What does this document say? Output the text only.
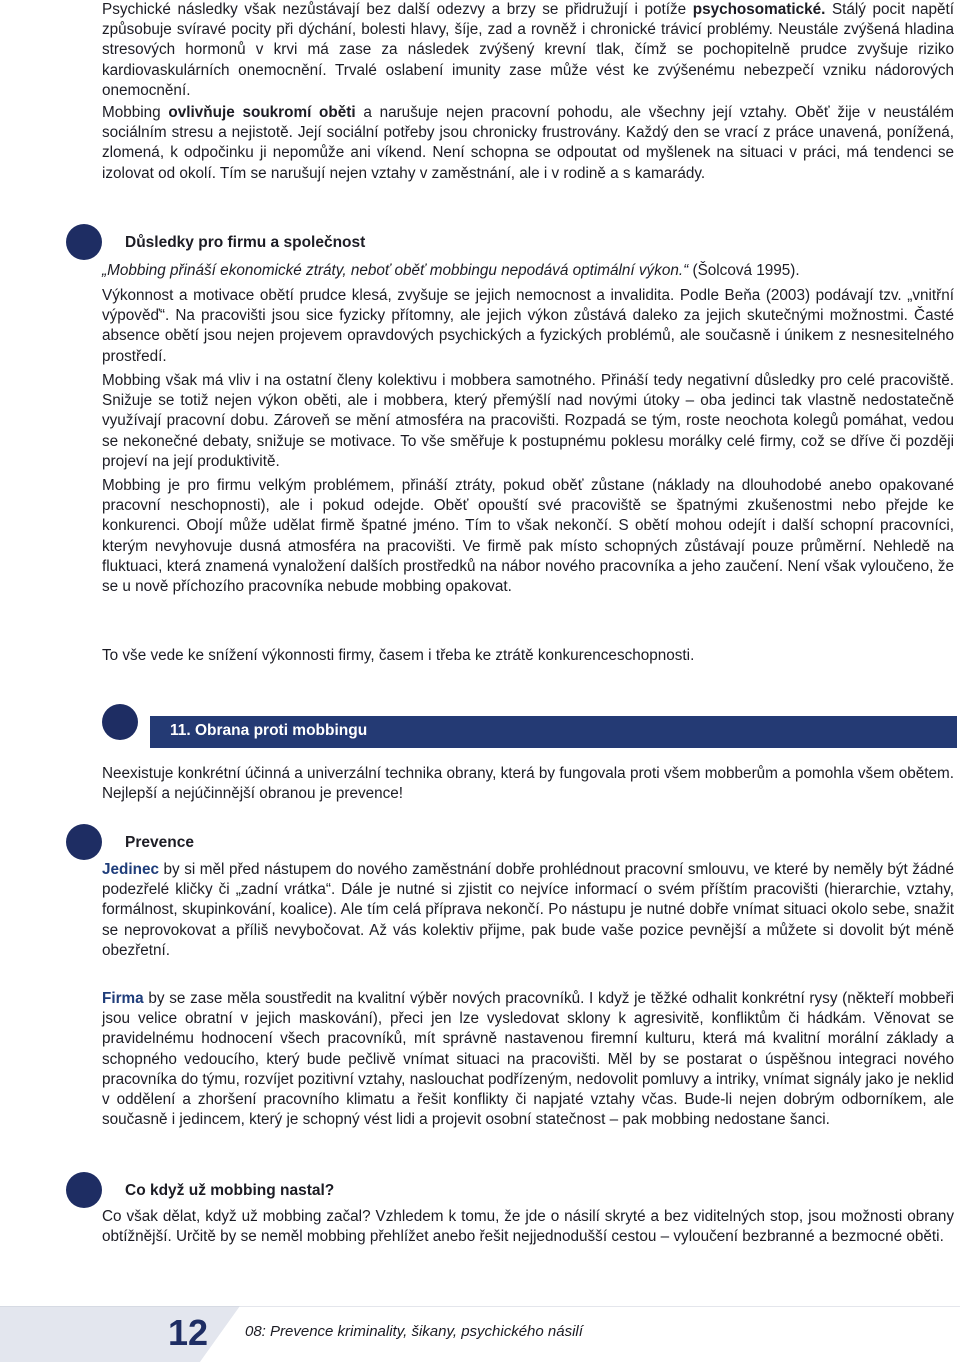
Psychické následky však nezůstávají bez další odezvy a brzy se přidružují i potíže psychosomatické. Stálý pocit napětí způsobuje svíravé pocity při dýchání, bolesti hlavy, šíje, zad a rovněž i chronické trávicí problémy. Neustále zvýšená hladina stresových hormonů v krvi má zase za následek zvýšený krevní tlak, čímž se pochopitelně prudce zvyšuje riziko kardiovaskulárních onemocnění. Trvalé oslabení imunity zase může vést ke zvýšenému nebezpečí vzniku nádorových onemocnění.

Mobbing ovlivňuje soukromí oběti a narušuje nejen pracovní pohodu, ale všechny její vztahy. Oběť žije v neustálém sociálním stresu a nejistotě. Její sociální potřeby jsou chronicky frustrovány. Každý den se vrací z práce unavená, ponížená, zlomená, k odpočinku ji nepomůže ani víkend. Není schopna se odpoutat od myšlenek na situaci v práci, má tendenci se izolovat od okolí. Tím se narušují nejen vztahy v zaměstnání, ale i v rodině a s kamarády.

Důsledky pro firmu a společnost

„Mobbing přináší ekonomické ztráty, neboť oběť mobbingu nepodává optimální výkon.“ (Šolcová 1995).

Výkonnost a motivace obětí prudce klesá, zvyšuje se jejich nemocnost a invalidita. Podle Beňa (2003) podávají tzv. „vnitřní výpověď“. Na pracovišti jsou sice fyzicky přítomny, ale jejich výkon zůstává daleko za jejich skutečnými možnostmi. Časté absence obětí jsou nejen projevem opravdových psychických a fyzických problémů, ale současně i únikem z nesnesitelného prostředí.

Mobbing však má vliv i na ostatní členy kolektivu i mobbera samotného. Přináší tedy negativní důsledky pro celé pracoviště. Snižuje se totiž nejen výkon oběti, ale i mobbera, který přemýšlí nad novými útoky – oba jedinci tak vlastně nedostatečně využívají pracovní dobu. Zároveň se mění atmosféra na pracovišti. Rozpadá se tým, roste neochota kolegů pomáhat, vedou se nekonečné debaty, snižuje se motivace. To vše směřuje k postupnému poklesu morálky celé firmy, což se dříve či později projeví na její produktivitě.

Mobbing je pro firmu velkým problémem, přináší ztráty, pokud oběť zůstane (náklady na dlouhodobé anebo opakované pracovní neschopnosti), ale i pokud odejde. Oběť opouští své pracoviště se špatnými zkušenostmi nebo přejde ke konkurenci. Obojí může udělat firmě špatné jméno. Tím to však nekončí. S obětí mohou odejít i další schopní pracovníci, kterým nevyhovuje dusná atmosféra na pracovišti. Ve firmě pak místo schopných zůstávají pouze průměrní. Nehledě na fluktuaci, která znamená vynaložení dalších prostředků na nábor nového pracovníka a jeho zaučení. Není však vyloučeno, že se u nově příchozího pracovníka nebude mobbing opakovat.

To vše vede ke snížení výkonnosti firmy, časem i třeba ke ztrátě konkurenceschopnosti.

11. Obrana proti mobbingu

Neexistuje konkrétní účinná a univerzální technika obrany, která by fungovala proti všem mobberům a pomohla všem obětem. Nejlepší a nejúčinnější obranou je prevence!

Prevence

Jedinec by si měl před nástupem do nového zaměstnání dobře prohlédnout pracovní smlouvu, ve které by neměly být žádné podezřelé kličky či „zadní vrátka“. Dále je nutné si zjistit co nejvíce informací o svém příštím pracovišti (hierarchie, vztahy, formálnost, skupinkování, koalice). Ale tím celá příprava nekončí. Po nástupu je nutné dobře vnímat situaci okolo sebe, snažit se neprovokovat a příliš nevybočovat. Až vás kolektiv přijme, pak bude vaše pozice pevnější a můžete si dovolit být méně obezřetní.

Firma by se zase měla soustředit na kvalitní výběr nových pracovníků. I když je těžké odhalit konkrétní rysy (někteří mobbeři jsou velice obratní v jejich maskování), přeci jen lze vysledovat sklony k agresivitě, konfliktům či hádkám. Věnovat se pravidelnému hodnocení všech pracovníků, mít správně nastavenou firemní kulturu, která má kvalitní morální základy a schopného vedoucího, který bude pečlivě vnímat situaci na pracovišti. Měl by se postarat o úspěšnou integraci nového pracovníka do týmu, rozvíjet pozitivní vztahy, naslouchat podřízeným, nedovolit pomluvy a intriky, vnímat signály jako je neklid v oddělení a zhoršení pracovního klimatu a řešit konflikty či napjaté vztahy včas. Bude-li nejen dobrým odborníkem, ale současně i jedincem, který je schopný vést lidi a projevit osobní statečnost – pak mobbing nedostane šanci.

Co když už mobbing nastal?

Co však dělat, když už mobbing začal? Vzhledem k tomu, že jde o násilí skryté a bez viditelných stop, jsou možnosti obrany obtížnější. Určitě by se neměl mobbing přehlížet anebo řešit nejjednodušší cestou – vyloučení bezbranné a bezmocné oběti.

12 08: Prevence kriminality, šikany, psychického násilí
